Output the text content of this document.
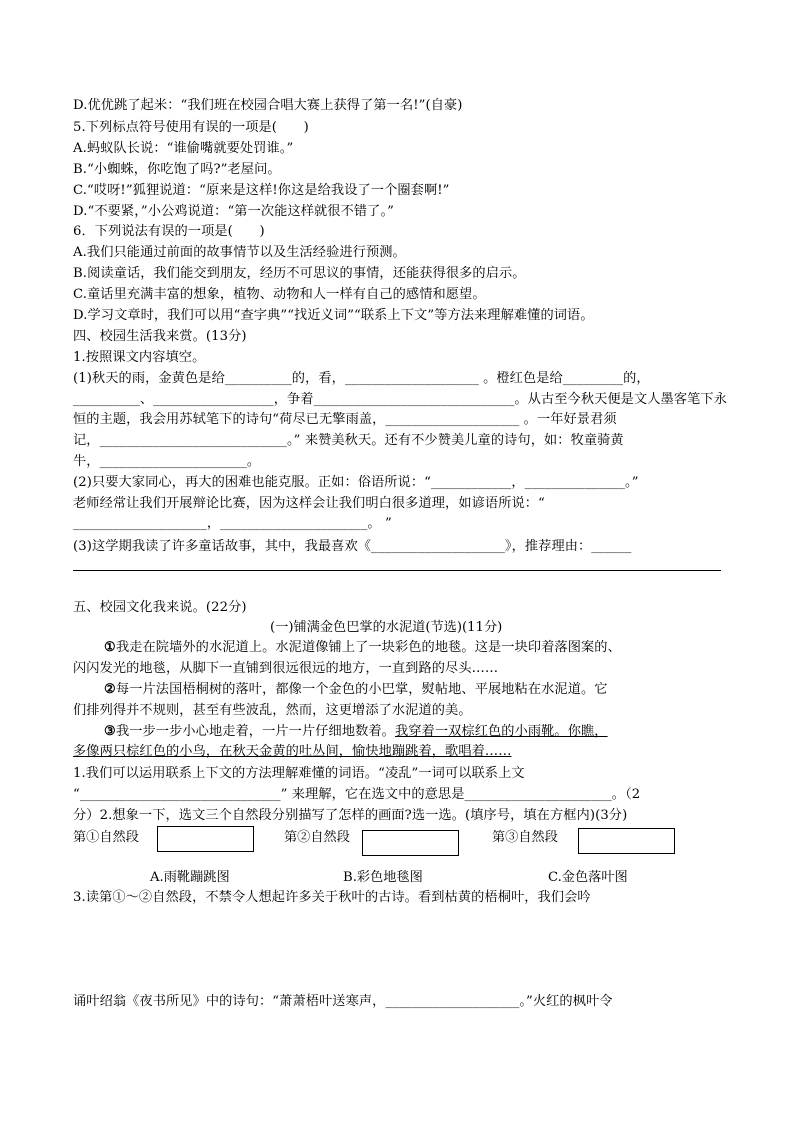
D.优优跳了起米：“我们班在校园合唱大赛上获得了第一名!”(自豪)
5.下列标点符号使用有误的一项是(　　)
A.蚂蚁队长说：“谁偷嘴就要处罚谁。”
B.“小蜘蛛，你吃饱了吗?”老屋问。
C.“哎呀!”狐狸说道：“原来是这样!你这是给我设了一个圈套啊!”
D.“不要紧，”小公鸡说道：“第一次能这样就很不错了。”
6．下列说法有误的一项是(　　)
A.我们只能通过前面的故事情节以及生活经验进行预测。
B.阅读童话，我们能交到朋友，经历不可思议的事情，还能获得很多的启示。
C.童话里充满丰富的想象，植物、动物和人一样有自己的感情和愿望。
D.学习文章时，我们可以用“查字典”“找近义词”“联系上下文”等方法来理解难懂的词语。
四、校园生活我来赏。(13分)
1.按照课文内容填空。
(1)秋天的雨，金黄色是给__________的，看，____________________ 。橙红色是给_________的，
__________、__________________，争着______________________________。从古至今秋天便是文人墨客笔下永
恒的主题，我会用苏轼笔下的诗句“荷尽已无擎雨盖，____________________ 。一年好景君须
记，____________________________。” 来赞美秋天。还有不少赞美儿童的诗句，如：牧童骑黄
牛，______________________。
(2)只要大家同心，再大的困难也能克服。正如：俗语所说：“____________，_______________。”
老师经常让我们开展辩论比赛，因为这样会让我们明白很多道理，如谚语所说：“
____________________，______________________。 ”
(3)这学期我读了许多童话故事，其中，我最喜欢《____________________》，推荐理由：______
五、校园文化我来说。(22分)
(一)铺满金色巴掌的水泥道(节选)(11分)
①我走在院墙外的水泥道上。水泥道像铺上了一块彩色的地毯。这是一块印着落图案的、
闪闪发光的地毯，从脚下一直铺到很远很远的地方，一直到路的尽头……
②每一片法国梧桐树的落叶，都像一个金色的小巴掌，熨帖地、平展地粘在水泥道。它
们排列得并不规则，甚至有些波乱，然而，这更增添了水泥道的美。
③我一步一步小心地走着，一片一片仔细地数着。我穿着一双棕红色的小雨靴。你瞧，
多像两只棕红色的小鸟，在秋天金黄的吐丛间，愉快地蹦跳着，歌唱着……
1.我们可以运用联系上下文的方法理解难懂的词语。“凌乱”一词可以联系上文
“______________________________” 来理解，它在选文中的意思是______________________。（2
分）2.想象一下，选文三个自然段分别描写了怎样的画面?选一选。(填序号，填在方框内)(3分)
第①自然段	第②自然段	第③自然段
A.雨靴蹦跳图	B.彩色地毯图	C.金色落叶图
3.读第①～②自然段，不禁令人想起许多关于秋叶的古诗。看到枯黄的梧桐叶，我们会吟
诵叶绍翁《夜书所见》中的诗句：“萧萧梧叶送寒声，____________________。”火红的枫叶令
